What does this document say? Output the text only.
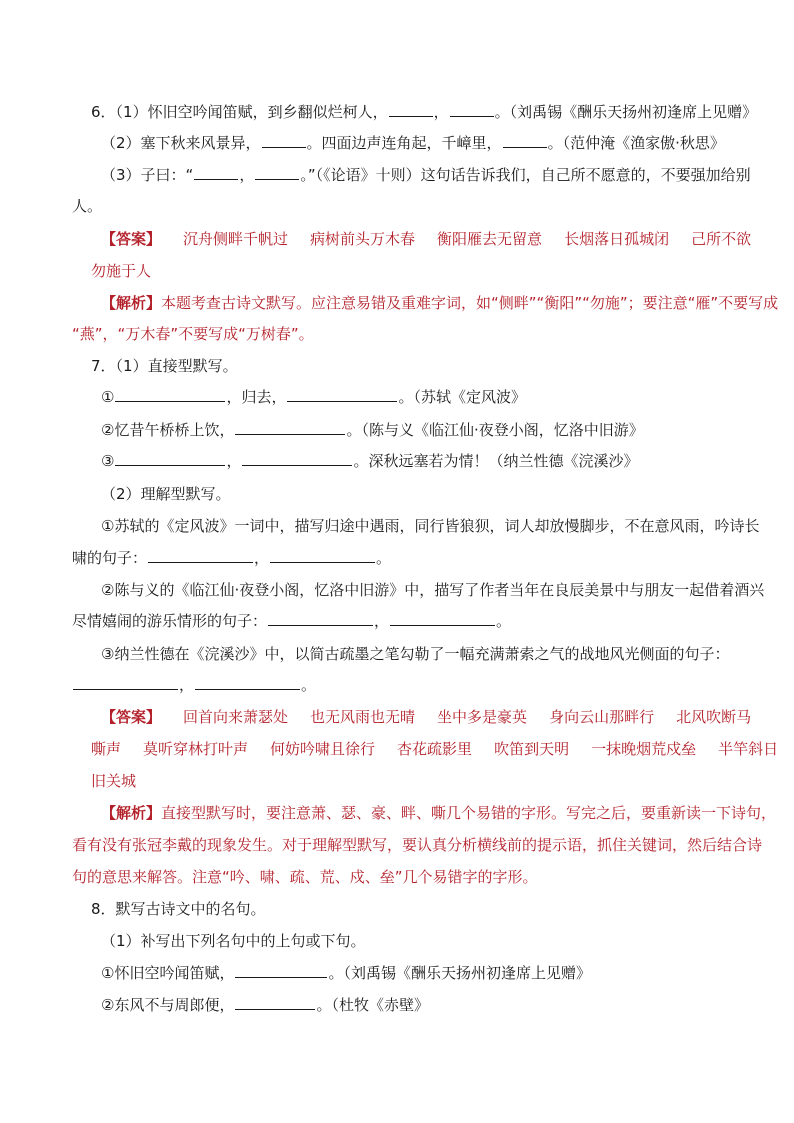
6．（1）怀旧空吟闻笛赋，到乡翻似烂柯人，	，	。（刘禹锡《酬乐天扬州初逢席上见赠》
（2）塞下秋来风景异，	。四面边声连角起，千嶂里，	。（范仲淹《渔家傲·秋思》
（3）子曰：“	，	。”（《论语》十则）这句话告诉我们，自己所不愿意的，不要强加给别
人。
【答案】 沉舟侧畔千帆过 病树前头万木春 衡阳雁去无留意 长烟落日孤城闭 己所不欲
勿施于人
【解析】本题考查古诗文默写。应注意易错及重难字词，如“侧畔”“衡阳”“勿施”；要注意“雁”不要写成
“燕”，“万木春”不要写成“万树春”。
7．（1）直接型默写。
①	，归去，	。（苏轼《定风波》
②忆昔午桥桥上饮，	。（陈与义《临江仙·夜登小阁，忆洛中旧游》
③	，	。深秋远塞若为情！（纳兰性德《浣溪沙》
（2）理解型默写。
①苏轼的《定风波》一词中，描写归途中遇雨，同行皆狼狈，词人却放慢脚步，不在意风雨，吟诗长
啸的句子：	，	。
②陈与义的《临江仙·夜登小阁，忆洛中旧游》中，描写了作者当年在良辰美景中与朋友一起借着酒兴
尽情嬉闹的游乐情形的句子：	，	。
③纳兰性德在《浣溪沙》中，以简古疏墨之笔勾勒了一幅充满萧索之气的战地风光侧面的句子：
，	。
【答案】 回首向来萧瑟处 也无风雨也无晴 坐中多是豪英 身向云山那畔行 北风吹断马
嘶声 莫听穿林打叶声 何妨吟啸且徐行 杏花疏影里 吹笛到天明 一抹晚烟荒戍垒 半竿斜日
旧关城
【解析】直接型默写时，要注意萧、瑟、豪、畔、嘶几个易错的字形。写完之后，要重新读一下诗句，
看有没有张冠李戴的现象发生。对于理解型默写，要认真分析横线前的提示语，抓住关键词，然后结合诗
句的意思来解答。注意“吟、啸、疏、荒、戍、垒”几个易错字的字形。
8．默写古诗文中的名句。
（1）补写出下列名句中的上句或下句。
①怀旧空吟闻笛赋，	。（刘禹锡《酬乐天扬州初逢席上见赠》
②东风不与周郎便，	。（杜牧《赤壁》
